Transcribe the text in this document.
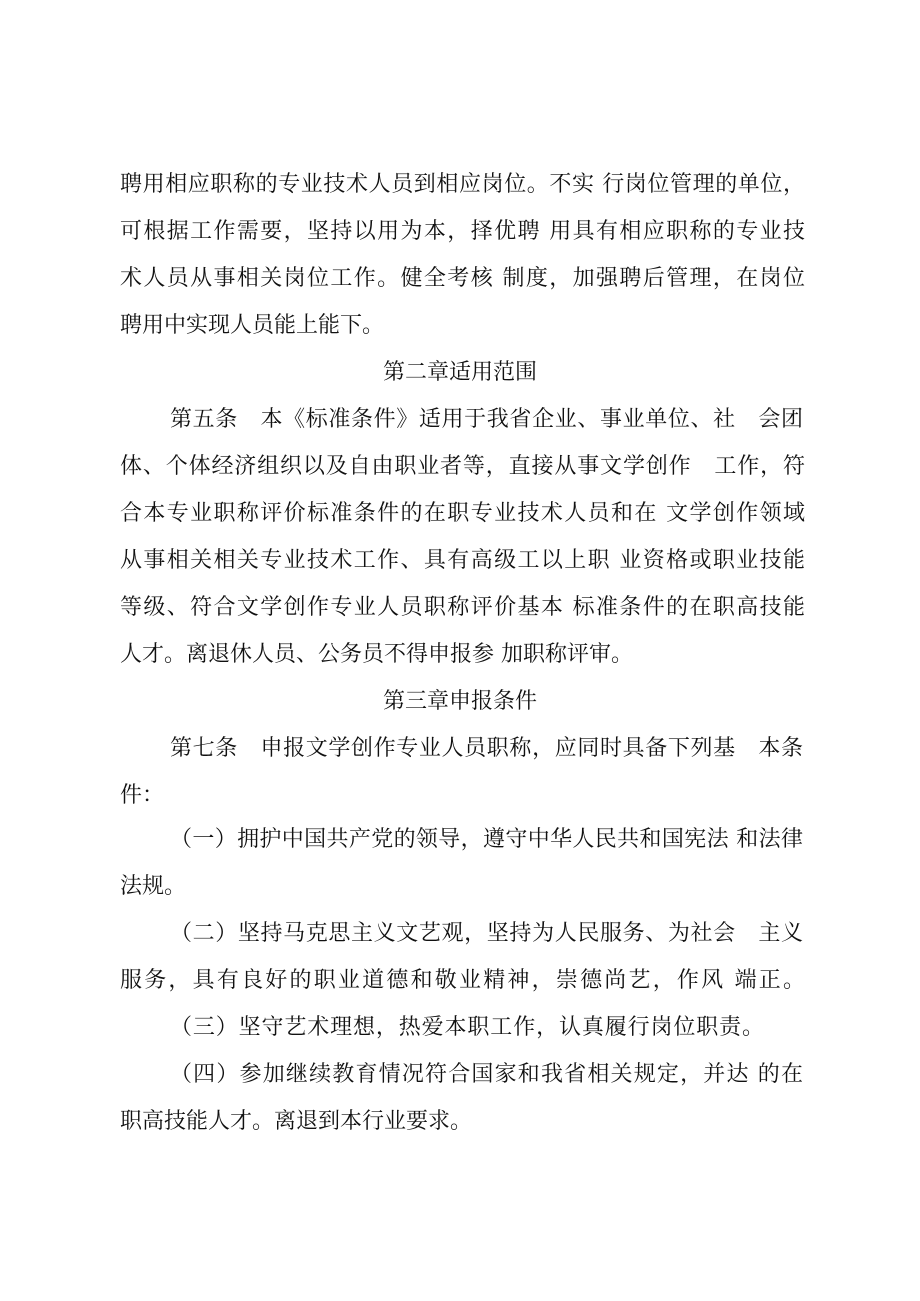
聘用相应职称的专业技术人员到相应岗位。不实 行岗位管理的单位，
可根据工作需要，坚持以用为本，择优聘 用具有相应职称的专业技
术人员从事相关岗位工作。健全考核 制度，加强聘后管理，在岗位
聘用中实现人员能上能下。
第二章适用范围
第五条　本《标准条件》适用于我省企业、事业单位、社　会团
体、个体经济组织以及自由职业者等，直接从事文学创作　工作，符
合本专业职称评价标准条件的在职专业技术人员和在 文学创作领域
从事相关相关专业技术工作、具有高级工以上职 业资格或职业技能
等级、符合文学创作专业人员职称评价基本 标准条件的在职高技能
人才。离退休人员、公务员不得申报参 加职称评审。
第三章申报条件
第七条　申报文学创作专业人员职称，应同时具备下列基　本条
件：
（一）拥护中国共产党的领导，遵守中华人民共和国宪法 和法律
法规。
（二）坚持马克思主义文艺观，坚持为人民服务、为社会　主义
服务，具有良好的职业道德和敬业精神，崇德尚艺，作风 端正。
（三）坚守艺术理想，热爱本职工作，认真履行岗位职责。
（四）参加继续教育情况符合国家和我省相关规定，并达 的在
职高技能人才。离退到本行业要求。
